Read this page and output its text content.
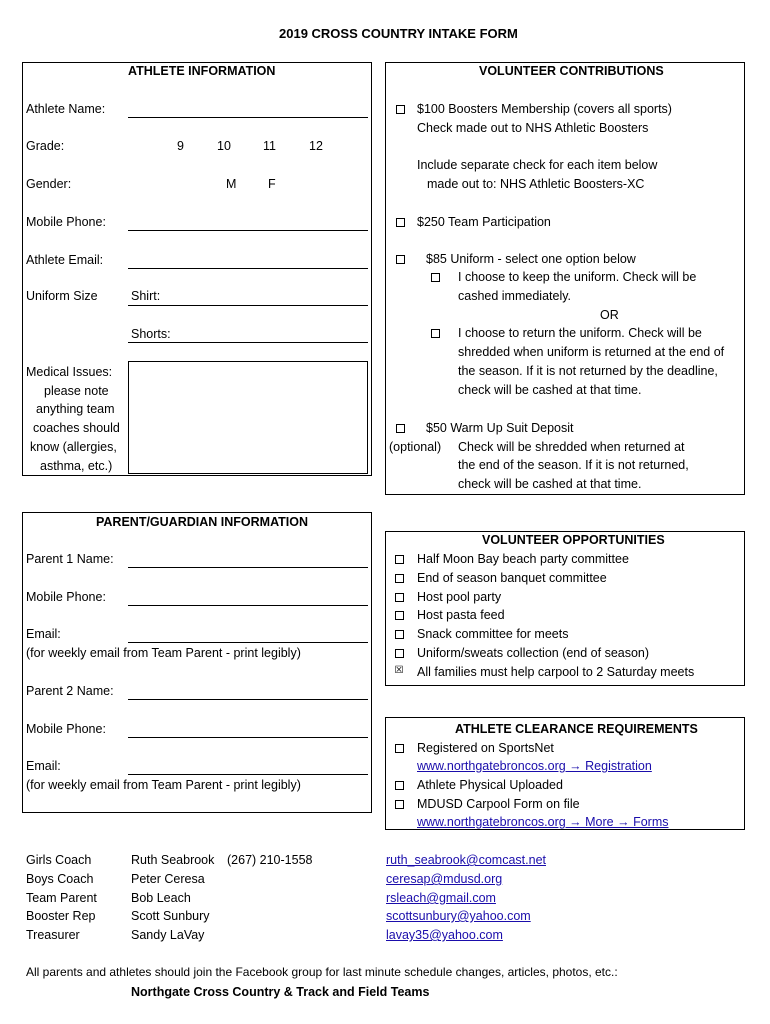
2019 CROSS COUNTRY INTAKE FORM
ATHLETE INFORMATION
Athlete Name:
Grade:	9	10	11	12
Gender:	M	F
Mobile Phone:
Athlete Email:
Uniform Size	Shirt:
Shorts:
Medical Issues:
please note
anything team
coaches should
know (allergies,
asthma, etc.)
VOLUNTEER CONTRIBUTIONS
$100 Boosters Membership (covers all sports)
Check made out to NHS Athletic Boosters
Include separate check for each item below
made out to: NHS Athletic Boosters-XC
$250 Team Participation
$85 Uniform - select one option below
I choose to keep the uniform. Check will be
cashed immediately.
OR
I choose to return the uniform. Check will be
shredded when uniform is returned at the end of
the season. If it is not returned by the deadline,
check will be cashed at that time.
$50 Warm Up Suit Deposit
(optional) Check will be shredded when returned at
the end of the season. If it is not returned,
check will be cashed at that time.
PARENT/GUARDIAN INFORMATION
Parent 1 Name:
Mobile Phone:
Email:
(for weekly email from Team Parent - print legibly)
Parent 2 Name:
Mobile Phone:
Email:
(for weekly email from Team Parent - print legibly)
VOLUNTEER OPPORTUNITIES
Half Moon Bay beach party committee
End of season banquet committee
Host pool party
Host pasta feed
Snack committee for meets
Uniform/sweats collection (end of season)
☒ All families must help carpool to 2 Saturday meets
ATHLETE CLEARANCE REQUIREMENTS
Registered on SportsNet
www.northgatebroncos.org → Registration
Athlete Physical Uploaded
MDUSD Carpool Form on file
www.northgatebroncos.org → More → Forms
Girls Coach	Ruth Seabrook (267) 210-1558	ruth_seabrook@comcast.net
Boys Coach	Peter Ceresa	ceresap@mdusd.org
Team Parent	Bob Leach	rsleach@gmail.com
Booster Rep	Scott Sunbury	scottsunbury@yahoo.com
Treasurer	Sandy LaVay	lavay35@yahoo.com
All parents and athletes should join the Facebook group for last minute schedule changes, articles, photos, etc.:
Northgate Cross Country & Track and Field Teams
